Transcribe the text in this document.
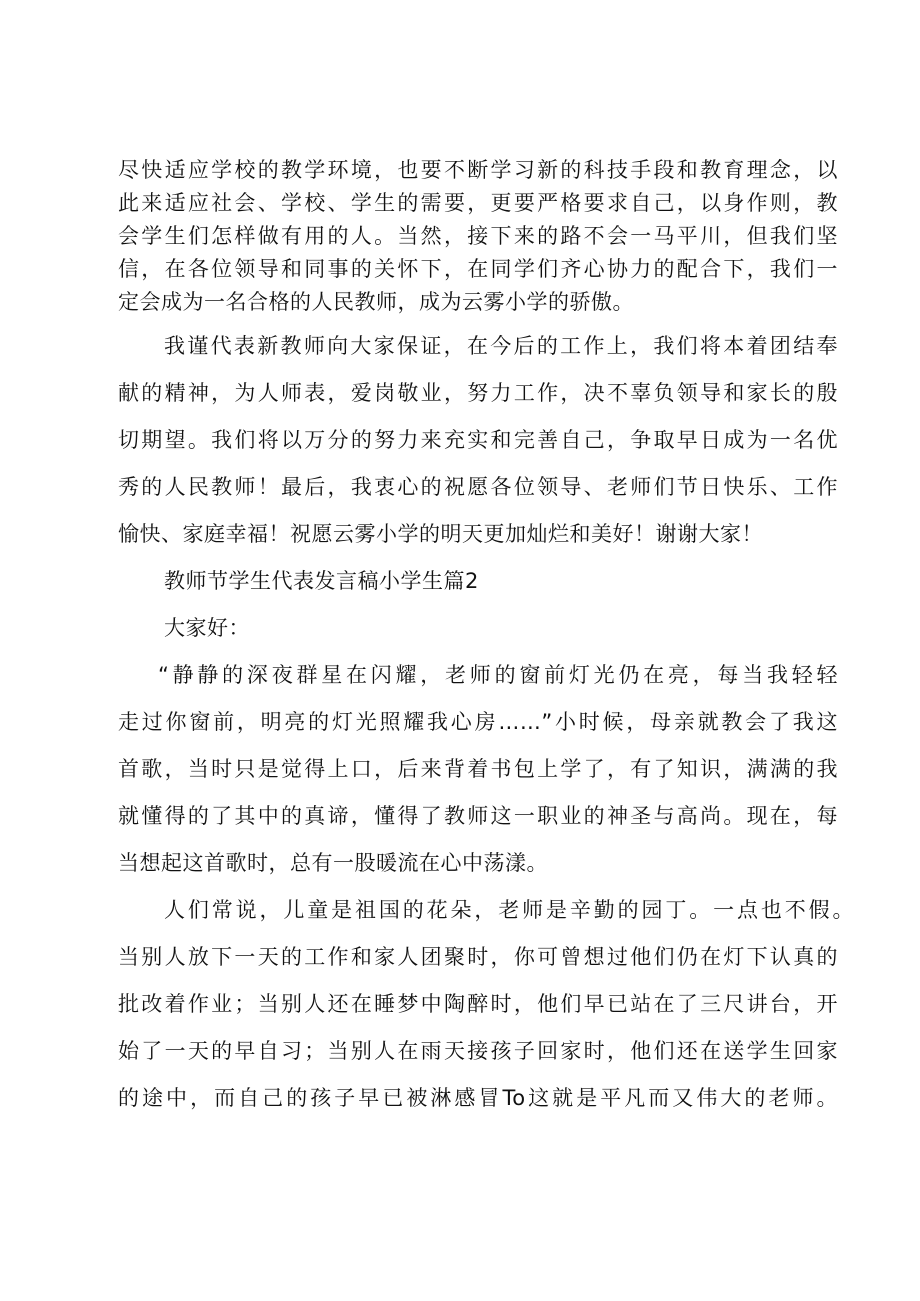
尽快适应学校的教学环境，也要不断学习新的科技手段和教育理念，以
此来适应社会、学校、学生的需要，更要严格要求自己，以身作则，教
会学生们怎样做有用的人。当然，接下来的路不会一马平川，但我们坚
信，在各位领导和同事的关怀下，在同学们齐心协力的配合下，我们一
定会成为一名合格的人民教师，成为云雾小学的骄傲。
我谨代表新教师向大家保证，在今后的工作上，我们将本着团结奉
献的精神，为人师表，爱岗敬业，努力工作，决不辜负领导和家长的殷
切期望。我们将以万分的努力来充实和完善自己，争取早日成为一名优
秀的人民教师！最后，我衷心的祝愿各位领导、老师们节日快乐、工作
愉快、家庭幸福！祝愿云雾小学的明天更加灿烂和美好！谢谢大家！
教师节学生代表发言稿小学生篇2
大家好：
“静静的深夜群星在闪耀，老师的窗前灯光仍在亮，每当我轻轻
走过你窗前，明亮的灯光照耀我心房……”小时候，母亲就教会了我这
首歌，当时只是觉得上口，后来背着书包上学了，有了知识，满满的我
就懂得的了其中的真谛，懂得了教师这一职业的神圣与高尚。现在，每
当想起这首歌时，总有一股暖流在心中荡漾。
人们常说，儿童是祖国的花朵，老师是辛勤的园丁。一点也不假。
当别人放下一天的工作和家人团聚时，你可曾想过他们仍在灯下认真的
批改着作业；当别人还在睡梦中陶醉时，他们早已站在了三尺讲台，开
始了一天的早自习；当别人在雨天接孩子回家时，他们还在送学生回家
的途中，而自己的孩子早已被淋感冒To这就是平凡而又伟大的老师。
